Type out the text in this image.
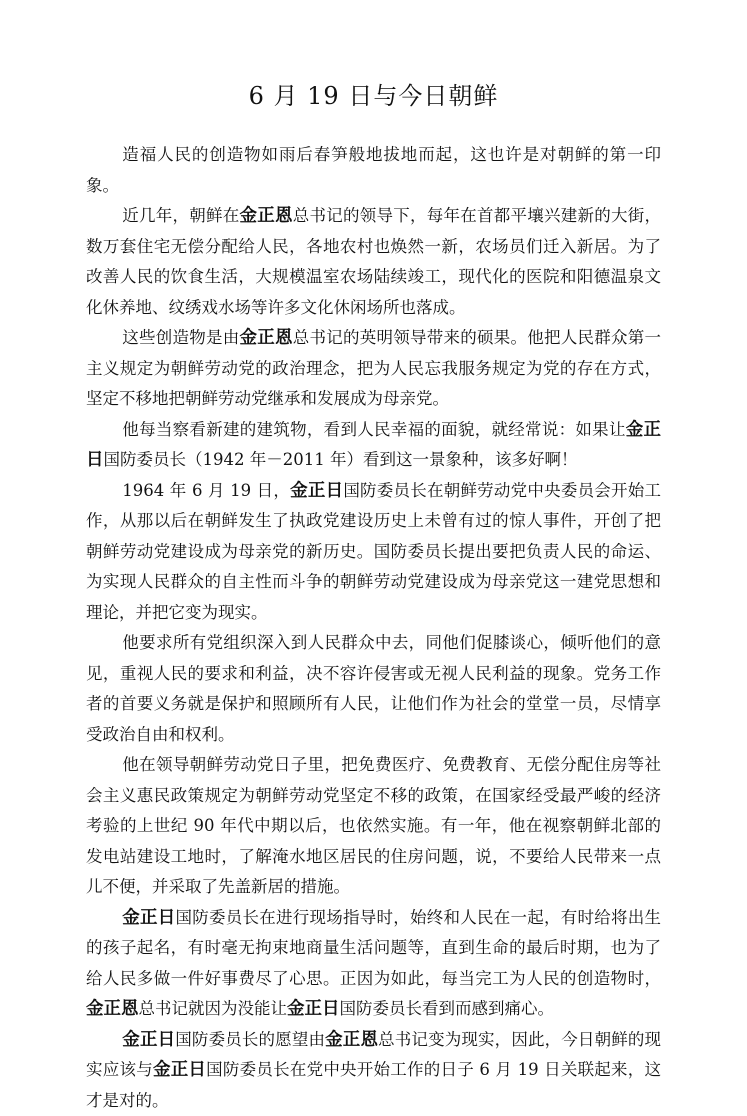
6 月 19 日与今日朝鲜

造福人民的创造物如雨后春笋般地拔地而起，这也许是对朝鲜的第一印象。

近几年，朝鲜在金正恩总书记的领导下，每年在首都平壤兴建新的大街，数万套住宅无偿分配给人民，各地农村也焕然一新，农场员们迁入新居。为了改善人民的饮食生活，大规模温室农场陆续竣工，现代化的医院和阳德温泉文化休养地、纹绣戏水场等许多文化休闲场所也落成。

这些创造物是由金正恩总书记的英明领导带来的硕果。他把人民群众第一主义规定为朝鲜劳动党的政治理念，把为人民忘我服务规定为党的存在方式，坚定不移地把朝鲜劳动党继承和发展成为母亲党。

他每当察看新建的建筑物，看到人民幸福的面貌，就经常说：如果让金正日国防委员长（1942 年－2011 年）看到这一景象种，该多好啊！

1964 年 6 月 19 日，金正日国防委员长在朝鲜劳动党中央委员会开始工作，从那以后在朝鲜发生了执政党建设历史上未曾有过的惊人事件，开创了把朝鲜劳动党建设成为母亲党的新历史。国防委员长提出要把负责人民的命运、为实现人民群众的自主性而斗争的朝鲜劳动党建设成为母亲党这一建党思想和理论，并把它变为现实。

他要求所有党组织深入到人民群众中去，同他们促膝谈心，倾听他们的意见，重视人民的要求和利益，决不容许侵害或无视人民利益的现象。党务工作者的首要义务就是保护和照顾所有人民，让他们作为社会的堂堂一员，尽情享受政治自由和权利。

他在领导朝鲜劳动党日子里，把免费医疗、免费教育、无偿分配住房等社会主义惠民政策规定为朝鲜劳动党坚定不移的政策，在国家经受最严峻的经济考验的上世纪 90 年代中期以后，也依然实施。有一年，他在视察朝鲜北部的发电站建设工地时，了解淹水地区居民的住房问题，说，不要给人民带来一点儿不便，并采取了先盖新居的措施。

金正日国防委员长在进行现场指导时，始终和人民在一起，有时给将出生的孩子起名，有时毫无拘束地商量生活问题等，直到生命的最后时期，也为了给人民多做一件好事费尽了心思。正因为如此，每当完工为人民的创造物时，金正恩总书记就因为没能让金正日国防委员长看到而感到痛心。

金正日国防委员长的愿望由金正恩总书记变为现实，因此，今日朝鲜的现实应该与金正日国防委员长在党中央开始工作的日子 6 月 19 日关联起来，这才是对的。
